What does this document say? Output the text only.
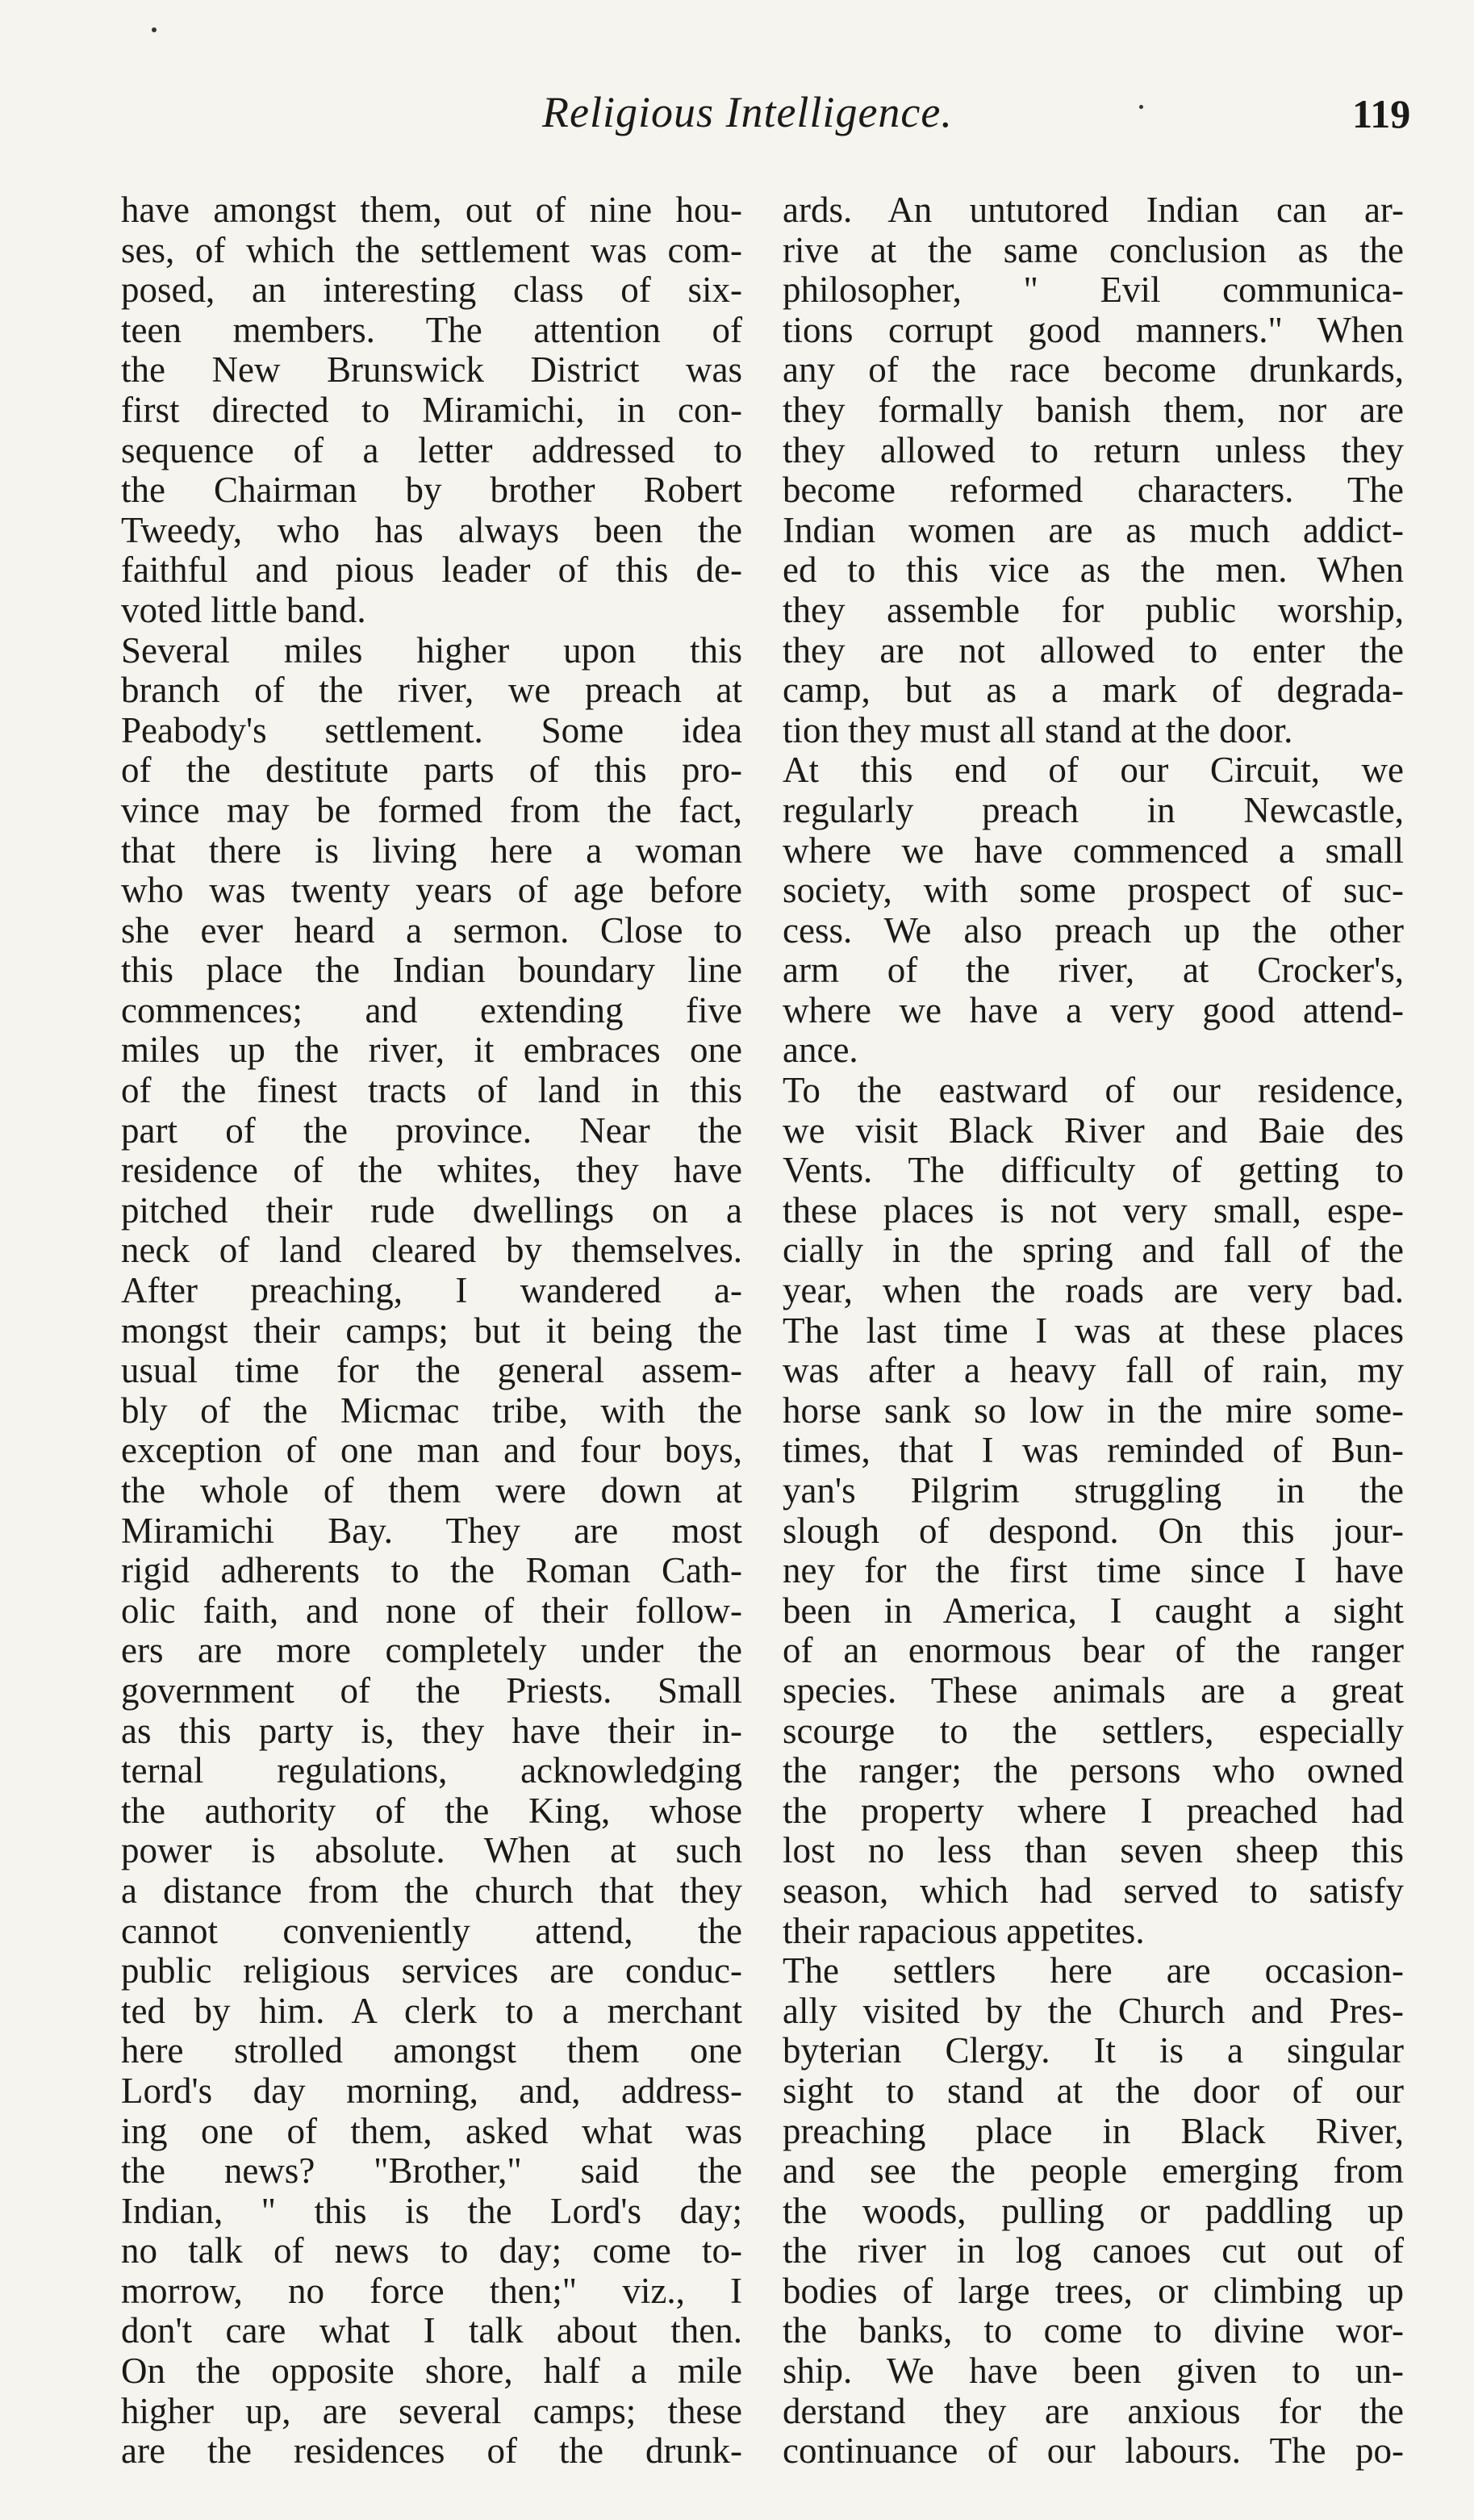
Religious Intelligence.	119
have amongst them, out of nine hou-
ses, of which the settlement was com-
posed, an interesting class of six-
teen members. The attention of
the New Brunswick District was
first directed to Miramichi, in con-
sequence of a letter addressed to
the Chairman by brother Robert
Tweedy, who has always been the
faithful and pious leader of this de-
voted little band.
Several miles higher upon this
branch of the river, we preach at
Peabody's settlement. Some idea
of the destitute parts of this pro-
vince may be formed from the fact,
that there is living here a woman
who was twenty years of age before
she ever heard a sermon. Close to
this place the Indian boundary line
commences; and extending five
miles up the river, it embraces one
of the finest tracts of land in this
part of the province. Near the
residence of the whites, they have
pitched their rude dwellings on a
neck of land cleared by themselves.
After preaching, I wandered a-
mongst their camps; but it being the
usual time for the general assem-
bly of the Micmac tribe, with the
exception of one man and four boys,
the whole of them were down at
Miramichi Bay. They are most
rigid adherents to the Roman Cath-
olic faith, and none of their follow-
ers are more completely under the
government of the Priests. Small
as this party is, they have their in-
ternal regulations, acknowledging
the authority of the King, whose
power is absolute. When at such
a distance from the church that they
cannot conveniently attend, the
public religious services are conduc-
ted by him. A clerk to a merchant
here strolled amongst them one
Lord's day morning, and, address-
ing one of them, asked what was
the news? "Brother," said the
Indian, " this is the Lord's day;
no talk of news to day; come to-
morrow, no force then;" viz., I
don't care what I talk about then.
On the opposite shore, half a mile
higher up, are several camps; these
are the residences of the drunk-
ards. An untutored Indian can ar-
rive at the same conclusion as the
philosopher, " Evil communica-
tions corrupt good manners." When
any of the race become drunkards,
they formally banish them, nor are
they allowed to return unless they
become reformed characters. The
Indian women are as much addict-
ed to this vice as the men. When
they assemble for public worship,
they are not allowed to enter the
camp, but as a mark of degrada-
tion they must all stand at the door.
At this end of our Circuit, we
regularly preach in Newcastle,
where we have commenced a small
society, with some prospect of suc-
cess. We also preach up the other
arm of the river, at Crocker's,
where we have a very good attend-
ance.
To the eastward of our residence,
we visit Black River and Baie des
Vents. The difficulty of getting to
these places is not very small, espe-
cially in the spring and fall of the
year, when the roads are very bad.
The last time I was at these places
was after a heavy fall of rain, my
horse sank so low in the mire some-
times, that I was reminded of Bun-
yan's Pilgrim struggling in the
slough of despond. On this jour-
ney for the first time since I have
been in America, I caught a sight
of an enormous bear of the ranger
species. These animals are a great
scourge to the settlers, especially
the ranger; the persons who owned
the property where I preached had
lost no less than seven sheep this
season, which had served to satisfy
their rapacious appetites.
The settlers here are occasion-
ally visited by the Church and Pres-
byterian Clergy. It is a singular
sight to stand at the door of our
preaching place in Black River,
and see the people emerging from
the woods, pulling or paddling up
the river in log canoes cut out of
bodies of large trees, or climbing up
the banks, to come to divine wor-
ship. We have been given to un-
derstand they are anxious for the
continuance of our labours. The po-
